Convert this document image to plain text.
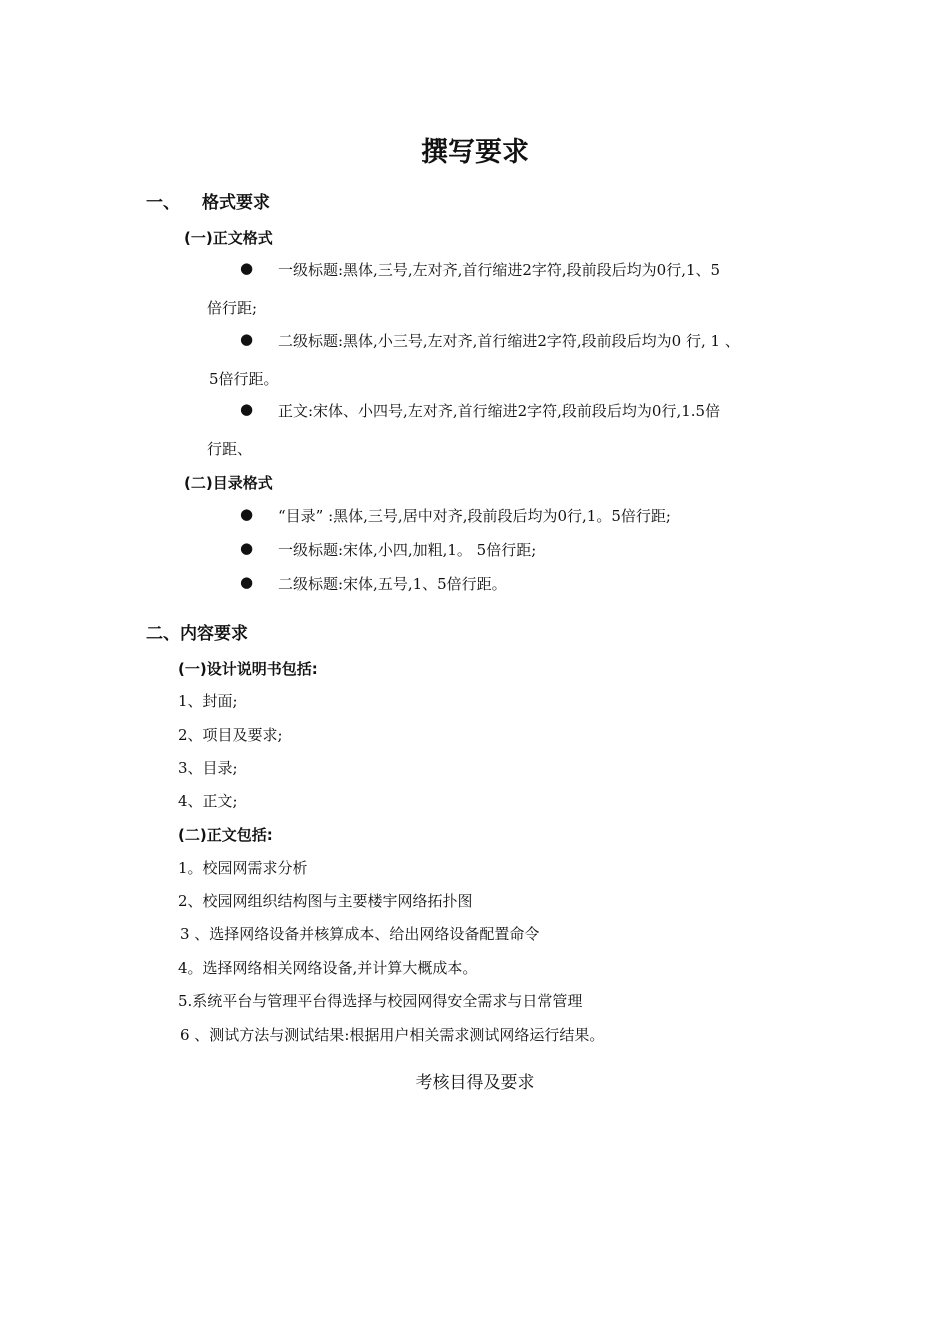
撰写要求
一、 格式要求
(一)正文格式
● 一级标题:黑体,三号,左对齐,首行缩进2字符,段前段后均为0行,1、5
倍行距;
● 二级标题:黑体,小三号,左对齐,首行缩进2字符,段前段后均为0 行, 1 、
5倍行距。
● 正文:宋体、小四号,左对齐,首行缩进2字符,段前段后均为0行,1.5倍
行距、
(二)目录格式
● “目录” :黑体,三号,居中对齐,段前段后均为0行,1。5倍行距;
● 一级标题:宋体,小四,加粗,1。 5倍行距;
● 二级标题:宋体,五号,1、5倍行距。
二、内容要求
(一)设计说明书包括:
1、封面;
2、项目及要求;
3、目录;
4、正文;
(二)正文包括:
1。校园网需求分析
2、校园网组织结构图与主要楼宇网络拓扑图
3 、选择网络设备并核算成本、给出网络设备配置命令
4。选择网络相关网络设备,并计算大概成本。
5.系统平台与管理平台得选择与校园网得安全需求与日常管理
6 、测试方法与测试结果:根据用户相关需求测试网络运行结果。
考核目得及要求
